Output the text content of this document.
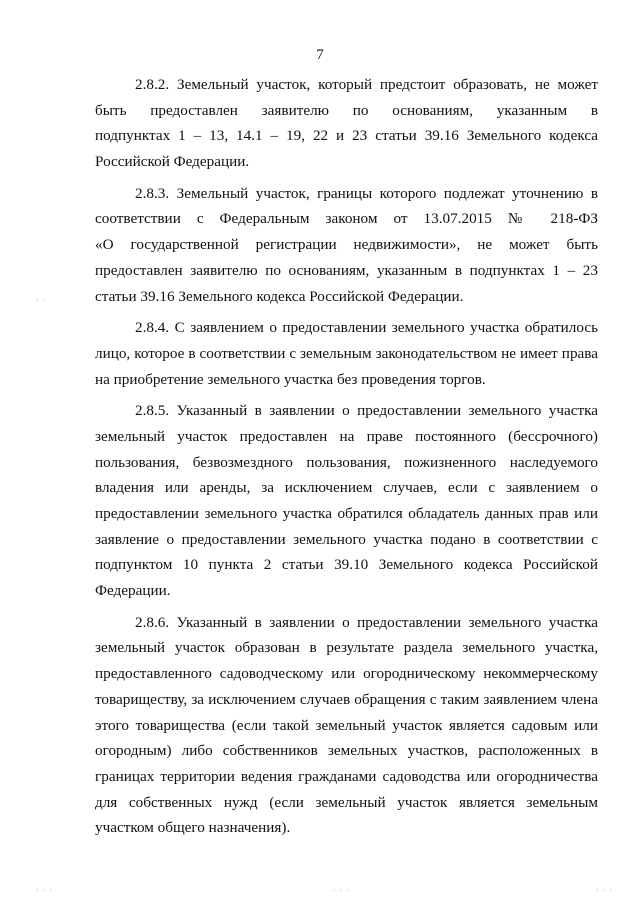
7
2.8.2. Земельный участок, который предстоит образовать, не может
быть предоставлен заявителю по основаниям, указанным в
подпунктах 1 – 13, 14.1 – 19, 22 и 23 статьи 39.16 Земельного кодекса
Российской Федерации.
2.8.3. Земельный участок, границы которого подлежат уточнению в
соответствии с Федеральным законом от 13.07.2015 № 218-ФЗ
«О государственной регистрации недвижимости», не может быть
предоставлен заявителю по основаниям, указанным в подпунктах 1 – 23
статьи 39.16 Земельного кодекса Российской Федерации.
2.8.4. С заявлением о предоставлении земельного участка обратилось
лицо, которое в соответствии с земельным законодательством не имеет права
на приобретение земельного участка без проведения торгов.
2.8.5. Указанный в заявлении о предоставлении земельного участка
земельный участок предоставлен на праве постоянного (бессрочного)
пользования, безвозмездного пользования, пожизненного наследуемого
владения или аренды, за исключением случаев, если с заявлением о
предоставлении земельного участка обратился обладатель данных прав или
заявление о предоставлении земельного участка подано в соответствии с
подпунктом 10 пункта 2 статьи 39.10 Земельного кодекса Российской
Федерации.
2.8.6. Указанный в заявлении о предоставлении земельного участка
земельный участок образован в результате раздела земельного участка,
предоставленного садоводческому или огородническому некоммерческому
товариществу, за исключением случаев обращения с таким заявлением члена
этого товарищества (если такой земельный участок является садовым или
огородным) либо собственников земельных участков, расположенных в
границах территории ведения гражданами садоводства или огородничества
для собственных нужд (если земельный участок является земельным
участком общего назначения).
· ·
· · ·	· · ·	· · ·
